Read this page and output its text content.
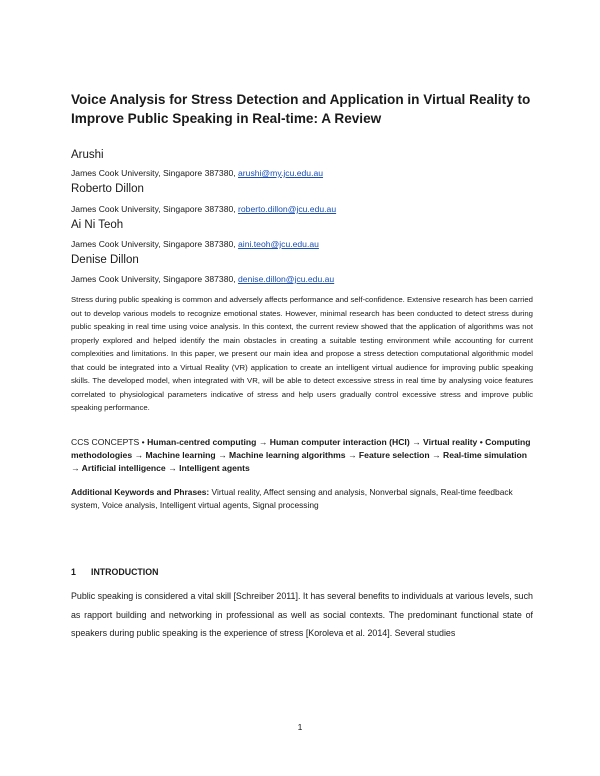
Voice Analysis for Stress Detection and Application in Virtual Reality to Improve Public Speaking in Real-time: A Review
Arushi
James Cook University, Singapore 387380, arushi@my.jcu.edu.au
Roberto Dillon
James Cook University, Singapore 387380, roberto.dillon@jcu.edu.au
Ai Ni Teoh
James Cook University, Singapore 387380, aini.teoh@jcu.edu.au
Denise Dillon
James Cook University, Singapore 387380, denise.dillon@jcu.edu.au

Stress during public speaking is common and adversely affects performance and self-confidence. Extensive research has been carried out to develop various models to recognize emotional states. However, minimal research has been conducted to detect stress during public speaking in real time using voice analysis. In this context, the current review showed that the application of algorithms was not properly explored and helped identify the main obstacles in creating a suitable testing environment while accounting for current complexities and limitations. In this paper, we present our main idea and propose a stress detection computational algorithmic model that could be integrated into a Virtual Reality (VR) application to create an intelligent virtual audience for improving public speaking skills. The developed model, when integrated with VR, will be able to detect excessive stress in real time by analysing voice features correlated to physiological parameters indicative of stress and help users gradually control excessive stress and improve public speaking performance.

CCS CONCEPTS • Human-centred computing → Human computer interaction (HCI) → Virtual reality • Computing methodologies → Machine learning → Machine learning algorithms → Feature selection → Real-time simulation → Artificial intelligence → Intelligent agents

Additional Keywords and Phrases: Virtual reality, Affect sensing and analysis, Nonverbal signals, Real-time feedback system, Voice analysis, Intelligent virtual agents, Signal processing

1 INTRODUCTION

Public speaking is considered a vital skill [Schreiber 2011]. It has several benefits to individuals at various levels, such as rapport building and networking in professional as well as social contexts. The predominant functional state of speakers during public speaking is the experience of stress [Koroleva et al. 2014]. Several studies

1
